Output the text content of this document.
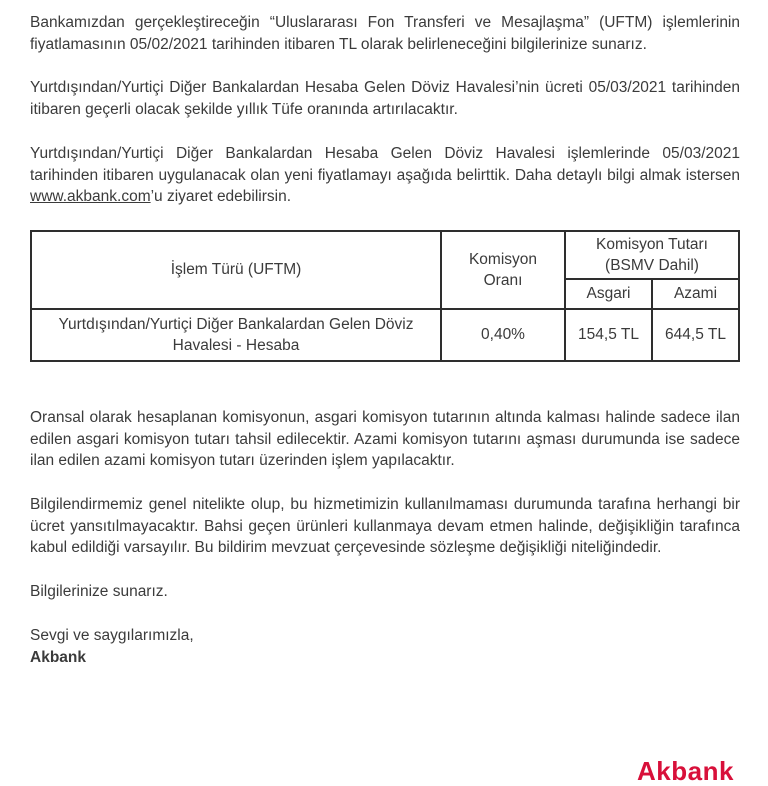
Bankamızdan gerçekleştireceğin “Uluslararası Fon Transferi ve Mesajlaşma” (UFTM) işlemlerinin fiyatlamasının 05/02/2021 tarihinden itibaren TL olarak belirleneceğini bilgilerinize sunarız.

Yurtdışından/Yurtiçi Diğer Bankalardan Hesaba Gelen Döviz Havalesi’nin ücreti 05/03/2021 tarihinden itibaren geçerli olacak şekilde yıllık Tüfe oranında artırılacaktır.

Yurtdışından/Yurtiçi Diğer Bankalardan Hesaba Gelen Döviz Havalesi işlemlerinde 05/03/2021 tarihinden itibaren uygulanacak olan yeni fiyatlamayı aşağıda belirttik. Daha detaylı bilgi almak istersen www.akbank.com’u ziyaret edebilirsin.

İşlem Türü (UFTM)	Komisyon Oranı	Komisyon Tutarı (BSMV Dahil)	
		Asgari	Azami
Yurtdışından/Yurtiçi Diğer Bankalardan Gelen Döviz Havalesi - Hesaba	0,40%	154,5 TL	644,5 TL

Oransal olarak hesaplanan komisyonun, asgari komisyon tutarının altında kalması halinde sadece ilan edilen asgari komisyon tutarı tahsil edilecektir. Azami komisyon tutarını aşması durumunda ise sadece ilan edilen azami komisyon tutarı üzerinden işlem yapılacaktır.

Bilgilendirmemiz genel nitelikte olup, bu hizmetimizin kullanılmaması durumunda tarafına herhangi bir ücret yansıtılmayacaktır. Bahsi geçen ürünleri kullanmaya devam etmen halinde, değişikliğin tarafınca kabul edildiği varsayılır. Bu bildirim mevzuat çerçevesinde sözleşme değişikliği niteliğindedir.

Bilgilerinize sunarız.

Sevgi ve saygılarımızla,
Akbank

Akbank
